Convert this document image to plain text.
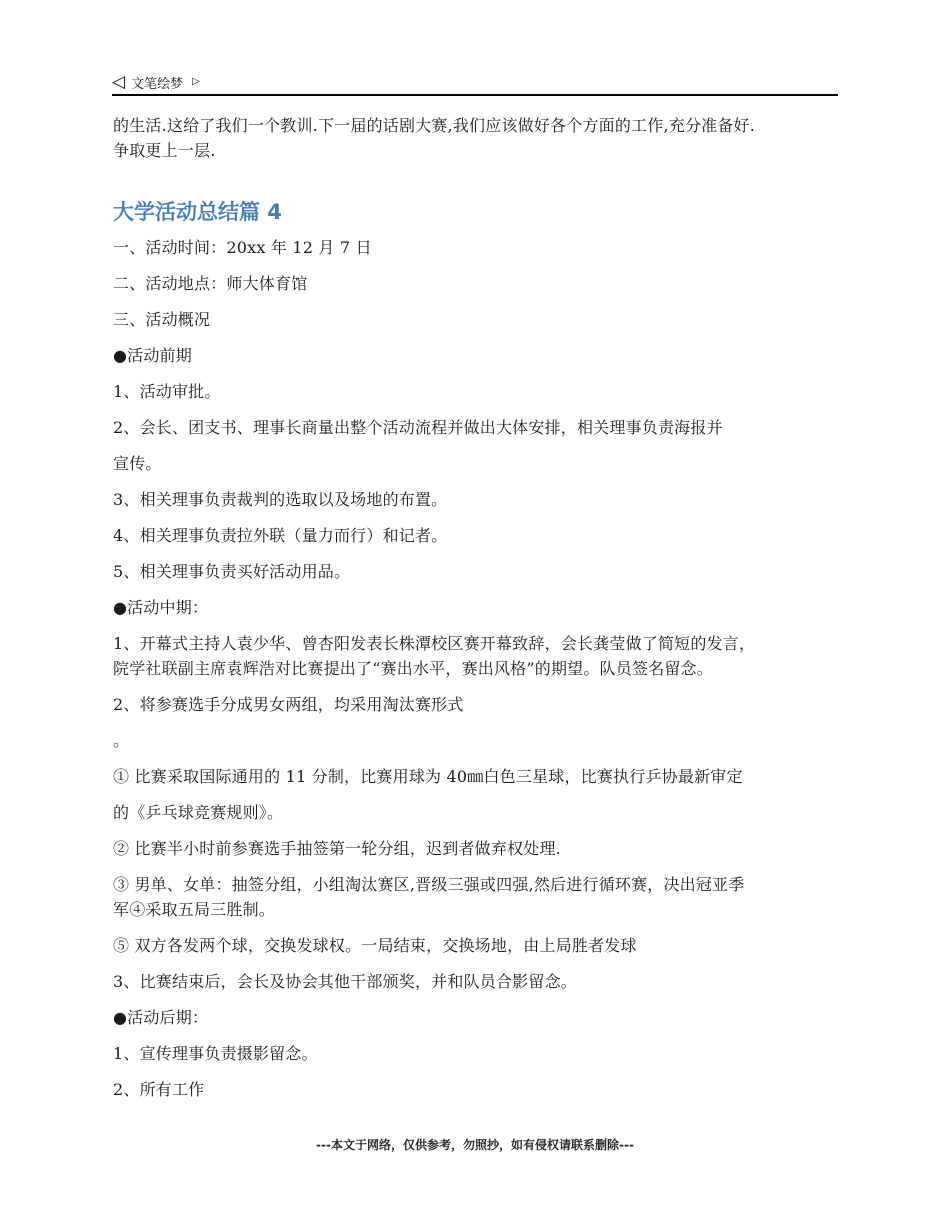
◁ 文笔绘梦 ▷

的生活.这给了我们一个教训.下一届的话剧大赛,我们应该做好各个方面的工作,充分准备好.

争取更上一层.

大学活动总结篇 4

一、活动时间：20xx 年 12 月 7 日

二、活动地点：师大体育馆

三、活动概况

●活动前期

1、活动审批。

2、会长、团支书、理事长商量出整个活动流程并做出大体安排，相关理事负责海报并

宣传。

3、相关理事负责裁判的选取以及场地的布置。

4、相关理事负责拉外联（量力而行）和记者。

5、相关理事负责买好活动用品。

●活动中期：

1、开幕式主持人袁少华、曾杏阳发表长株潭校区赛开幕致辞，会长龚莹做了简短的发言，

院学社联副主席袁辉浩对比赛提出了“赛出水平，赛出风格”的期望。队员签名留念。

2、将参赛选手分成男女两组，均采用淘汰赛形式

。

① 比赛采取国际通用的 11 分制，比赛用球为 40㎜白色三星球，比赛执行乒协最新审定

的《乒乓球竞赛规则》。

② 比赛半小时前参赛选手抽签第一轮分组，迟到者做弃权处理.

③ 男单、女单：抽签分组，小组淘汰赛区,晋级三强或四强,然后进行循环赛，决出冠亚季

军④采取五局三胜制。

⑤ 双方各发两个球，交换发球权。一局结束，交换场地，由上局胜者发球

3、比赛结束后，会长及协会其他干部颁奖，并和队员合影留念。

●活动后期：

1、宣传理事负责摄影留念。

2、所有工作

---本文于网络，仅供参考，勿照抄，如有侵权请联系删除---
